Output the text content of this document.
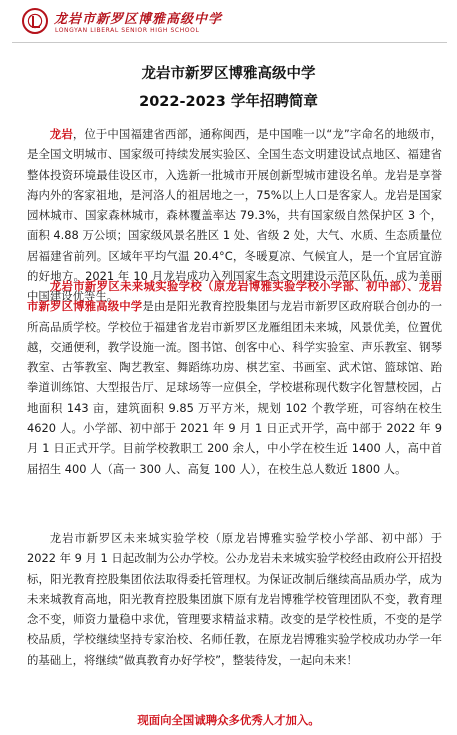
龙岩市新罗区博雅高级中学
LONGYAN LIBERAL SENIOR HIGH SCHOOL
龙岩市新罗区博雅高级中学
2022-2023 学年招聘简章

龙岩，位于中国福建省西部，通称闽西，是中国唯一以“龙”字命名的地级市，是全国文明城市、国家级可持续发展实验区、全国生态文明建设试点地区、福建省整体投资环境最佳设区市，入选新一批城市开展创新型城市建设名单。龙岩是享誉海内外的客家祖地，是河洛人的祖居地之一，75%以上人口是客家人。龙岩是国家园林城市、国家森林城市，森林覆盖率达 79.3%，共有国家级自然保护区 3 个，面积 4.88 万公顷；国家级风景名胜区 1 处、省级 2 处，大气、水质、生态质量位居福建省前列。区域年平均气温 20.4°C，冬暖夏凉、气候宜人，是一个宜居宜游的好地方。2021 年 10 月龙岩成功入列国家生态文明建设示范区队伍，成为美丽中国建设优等生。

龙岩市新罗区未来城实验学校（原龙岩博雅实验学校小学部、初中部）、龙岩市新罗区博雅高级中学是由是阳光教育控股集团与龙岩市新罗区政府联合创办的一所高品质学校。学校位于福建省龙岩市新罗区龙雁组团未来城，风景优美，位置优越，交通便利，教学设施一流。图书馆、创客中心、科学实验室、声乐教室、钢琴教室、古筝教室、陶艺教室、舞蹈练功房、棋艺室、书画室、武术馆、篮球馆、跆拳道训练馆、大型报告厅、足球场等一应俱全，学校堪称现代数字化智慧校园，占地面积 143 亩，建筑面积 9.85 万平方米，规划 102 个教学班，可容纳在校生 4620 人。小学部、初中部于 2021 年 9 月 1 日正式开学，高中部于 2022 年 9 月 1 日正式开学。目前学校教职工 200 余人，中小学在校生近 1400 人，高中首届招生 400 人（高一 300 人、高复 100 人），在校生总人数近 1800 人。

龙岩市新罗区未来城实验学校（原龙岩博雅实验学校小学部、初中部）于 2022 年 9 月 1 日起改制为公办学校。公办龙岩未来城实验学校经由政府公开招投标，阳光教育控股集团依法取得委托管理权。为保证改制后继续高品质办学，成为未来城教育高地，阳光教育控股集团旗下原有龙岩博雅学校管理团队不变，教育理念不变，师资力量稳中求优，管理要求精益求精。改变的是学校性质，不变的是学校品质，学校继续坚持专家治校、名师任教，在原龙岩博雅实验学校成功办学一年的基础上，将继续“做真教育办好学校”，整装待发，一起向未来！

现面向全国诚聘众多优秀人才加入。
